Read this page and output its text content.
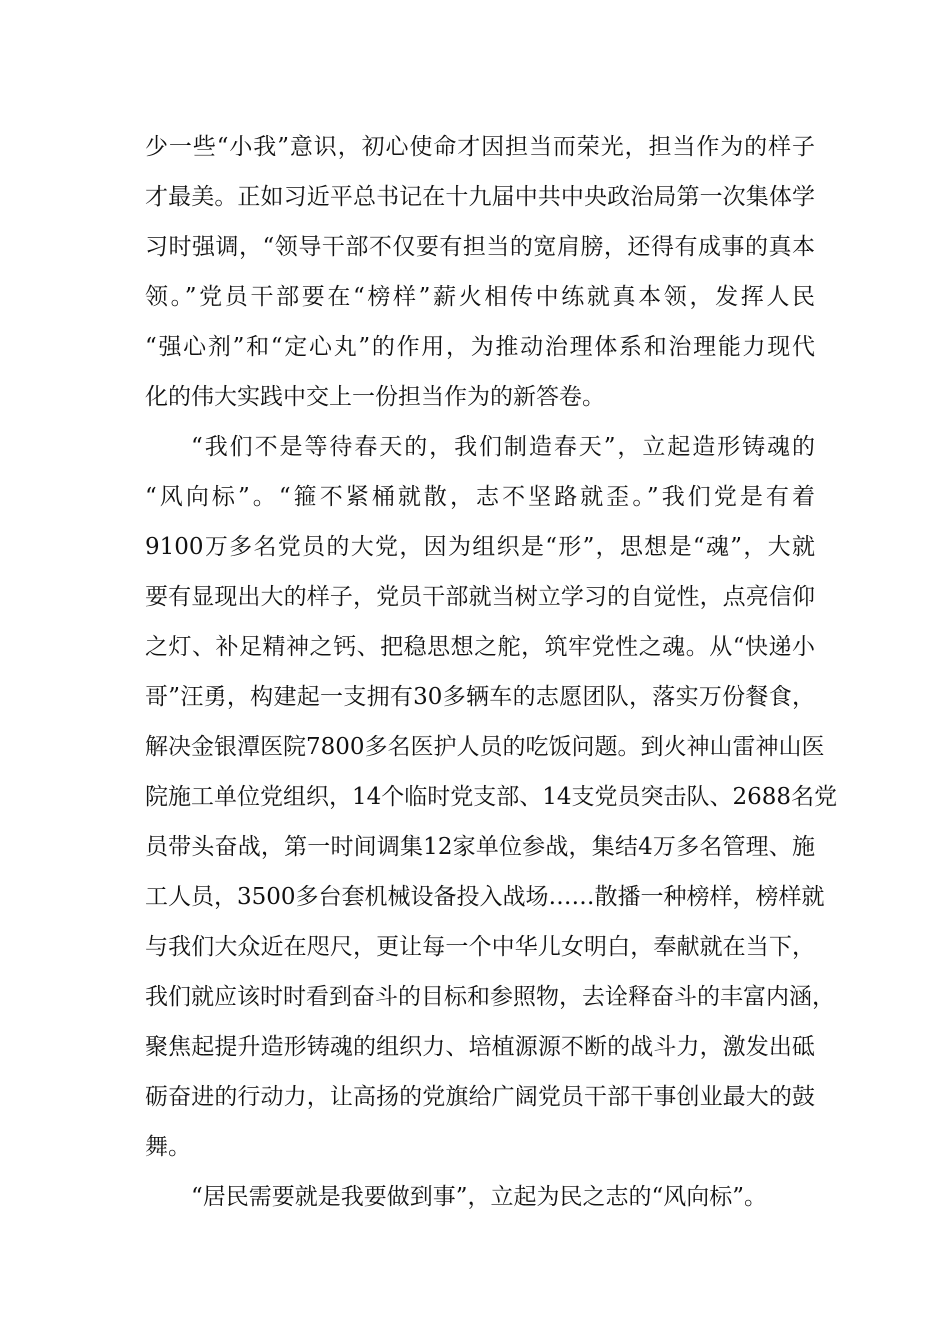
少一些“小我”意识，初心使命才因担当而荣光，担当作为的样子
才最美。正如习近平总书记在十九届中共中央政治局第一次集体学
习时强调，“领导干部不仅要有担当的宽肩膀，还得有成事的真本
领。”党员干部要在“榜样”薪火相传中练就真本领，发挥人民
“强心剂”和“定心丸”的作用，为推动治理体系和治理能力现代
化的伟大实践中交上一份担当作为的新答卷。
“我们不是等待春天的，我们制造春天”，立起造形铸魂的
“风向标”。“箍不紧桶就散，志不坚路就歪。”我们党是有着
9100万多名党员的大党，因为组织是“形”，思想是“魂”，大就
要有显现出大的样子，党员干部就当树立学习的自觉性，点亮信仰
之灯、补足精神之钙、把稳思想之舵，筑牢党性之魂。从“快递小
哥”汪勇，构建起一支拥有30多辆车的志愿团队，落实万份餐食，
解决金银潭医院7800多名医护人员的吃饭问题。到火神山雷神山医
院施工单位党组织，14个临时党支部、14支党员突击队、2688名党
员带头奋战，第一时间调集12家单位参战，集结4万多名管理、施
工人员，3500多台套机械设备投入战场……散播一种榜样，榜样就
与我们大众近在咫尺，更让每一个中华儿女明白，奉献就在当下，
我们就应该时时看到奋斗的目标和参照物，去诠释奋斗的丰富内涵，
聚焦起提升造形铸魂的组织力、培植源源不断的战斗力，激发出砥
砺奋进的行动力，让高扬的党旗给广阔党员干部干事创业最大的鼓
舞。
“居民需要就是我要做到事”，立起为民之志的“风向标”。
